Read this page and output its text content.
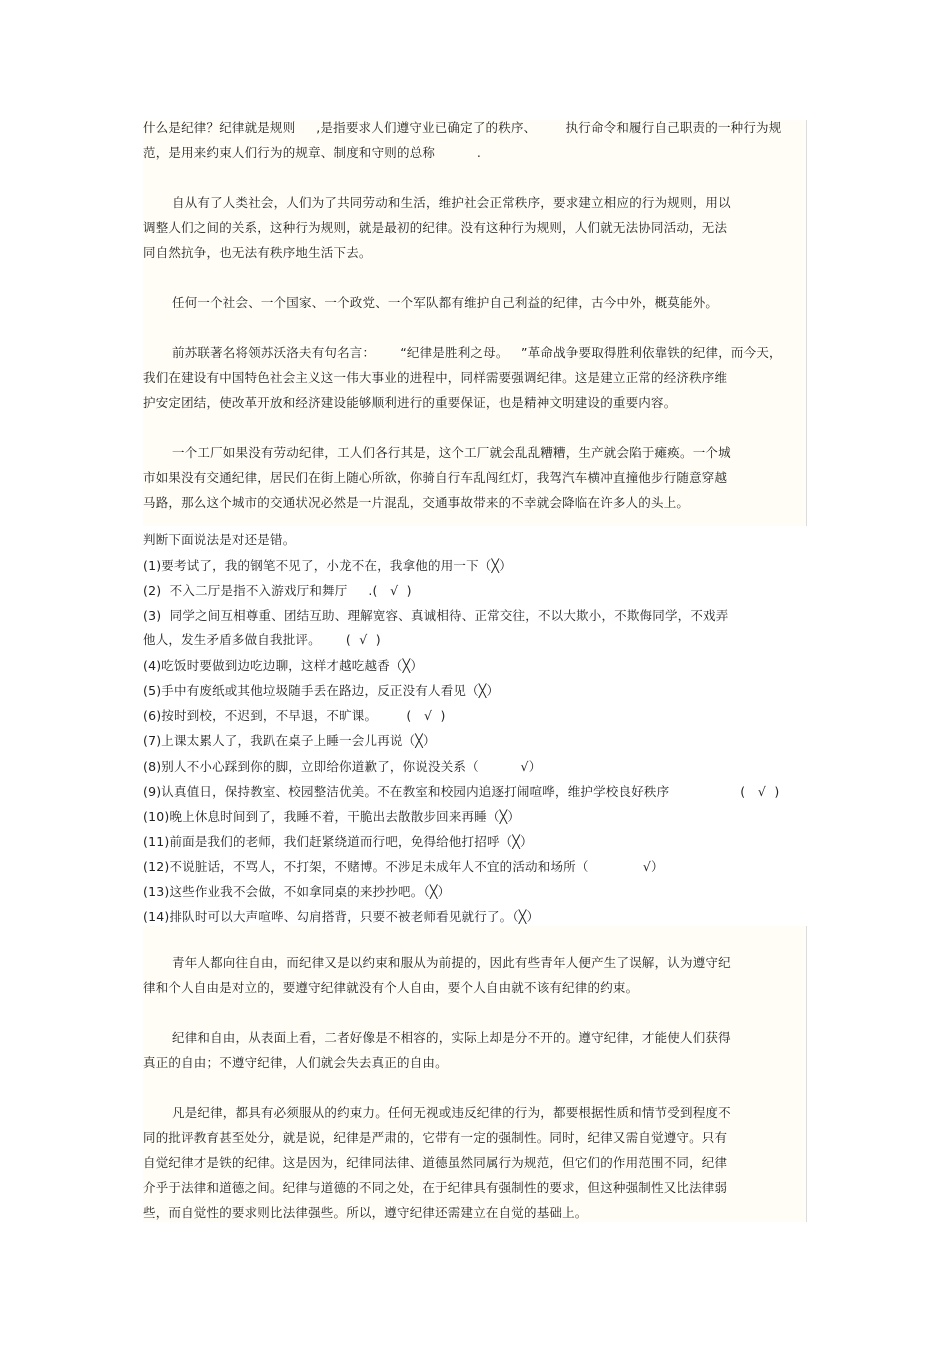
什么是纪律？纪律就是规则     ,是指要求人们遵守业已确定了的秩序、       执行命令和履行自己职责的一种行为规
范，是用来约束人们行为的规章、制度和守则的总称          .
自从有了人类社会，人们为了共同劳动和生活，维护社会正常秩序，要求建立相应的行为规则，用以
调整人们之间的关系，这种行为规则，就是最初的纪律。没有这种行为规则，人们就无法协同活动，无法
同自然抗争，也无法有秩序地生活下去。
任何一个社会、一个国家、一个政党、一个军队都有维护自己利益的纪律，古今中外，概莫能外。
前苏联著名将领苏沃洛夫有句名言：      “纪律是胜利之母。   ”革命战争要取得胜利依靠铁的纪律，而今天，
我们在建设有中国特色社会主义这一伟大事业的进程中，同样需要强调纪律。这是建立正常的经济秩序维
护安定团结，使改革开放和经济建设能够顺利进行的重要保证，也是精神文明建设的重要内容。
一个工厂如果没有劳动纪律，工人们各行其是，这个工厂就会乱乱糟糟，生产就会陷于瘫痪。一个城
市如果没有交通纪律，居民们在街上随心所欲，你骑自行车乱闯红灯，我驾汽车横冲直撞他步行随意穿越
马路，那么这个城市的交通状况必然是一片混乱，交通事故带来的不幸就会降临在许多人的头上。
判断下面说法是对还是错。
(1)要考试了，我的钢笔不见了，小龙不在，我拿他的用一下（╳）
(2)  不入二厅是指不入游戏厅和舞厅     .(   √  )
(3)  同学之间互相尊重、团结互助、理解宽容、真诚相待、正常交往，不以大欺小，不欺侮同学，不戏弄
他人，发生矛盾多做自我批评。      (  √  )
(4)吃饭时要做到边吃边聊，这样才越吃越香（╳）
(5)手中有废纸或其他垃圾随手丢在路边，反正没有人看见（╳）
(6)按时到校，不迟到，不早退，不旷课。       (   √  )
(7)上课太累人了，我趴在桌子上睡一会儿再说（╳）
(8)别人不小心踩到你的脚，立即给你道歉了，你说没关系（          √）
(9)认真值日，保持教室、校园整洁优美。不在教室和校园内追逐打闹喧哗，维护学校良好秩序                 (   √  )
(10)晚上休息时间到了，我睡不着，干脆出去散散步回来再睡（╳）
(11)前面是我们的老师，我们赶紧绕道而行吧，免得给他打招呼（╳）
(12)不说脏话，不骂人，不打架，不赌博。不涉足未成年人不宜的活动和场所（             √）
(13)这些作业我不会做，不如拿同桌的来抄抄吧。（╳）
(14)排队时可以大声喧哗、勾肩搭背，只要不被老师看见就行了。（╳）
青年人都向往自由，而纪律又是以约束和服从为前提的，因此有些青年人便产生了误解，认为遵守纪
律和个人自由是对立的，要遵守纪律就没有个人自由，要个人自由就不该有纪律的约束。
纪律和自由，从表面上看，二者好像是不相容的，实际上却是分不开的。遵守纪律，才能使人们获得
真正的自由；不遵守纪律，人们就会失去真正的自由。
凡是纪律，都具有必须服从的约束力。任何无视或违反纪律的行为，都要根据性质和情节受到程度不
同的批评教育甚至处分，就是说，纪律是严肃的，它带有一定的强制性。同时，纪律又需自觉遵守。只有
自觉纪律才是铁的纪律。这是因为，纪律同法律、道德虽然同属行为规范，但它们的作用范围不同，纪律
介乎于法律和道德之间。纪律与道德的不同之处，在于纪律具有强制性的要求，但这种强制性又比法律弱
些，而自觉性的要求则比法律强些。所以，遵守纪律还需建立在自觉的基础上。
